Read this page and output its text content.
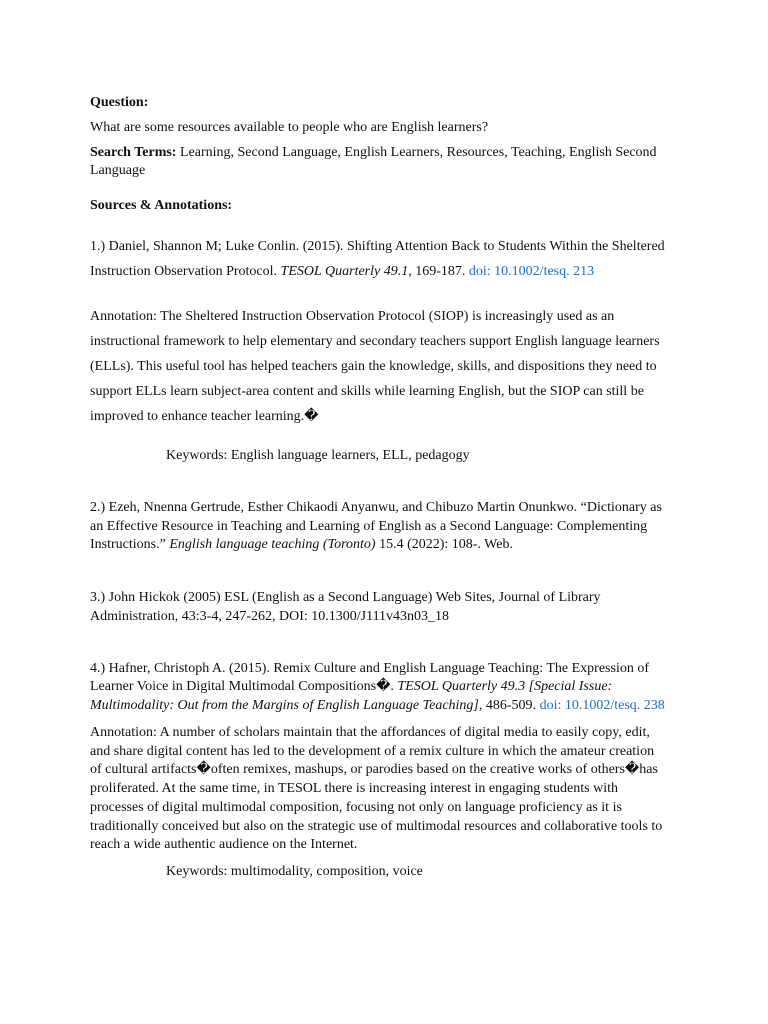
Question:

What are some resources available to people who are English learners?

Search Terms: Learning, Second Language, English Learners, Resources, Teaching, English Second Language

Sources & Annotations:

1.) Daniel, Shannon M; Luke Conlin. (2015). Shifting Attention Back to Students Within the Sheltered Instruction Observation Protocol. TESOL Quarterly 49.1, 169-187. doi: 10.1002/tesq. 213

Annotation: The Sheltered Instruction Observation Protocol (SIOP) is increasingly used as an instructional framework to help elementary and secondary teachers support English language learners (ELLs). This useful tool has helped teachers gain the knowledge, skills, and dispositions they need to support ELLs learn subject-area content and skills while learning English, but the SIOP can still be improved to enhance teacher learning.�

Keywords: English language learners, ELL, pedagogy

2.) Ezeh, Nnenna Gertrude, Esther Chikaodi Anyanwu, and Chibuzo Martin Onunkwo. “Dictionary as an Effective Resource in Teaching and Learning of English as a Second Language: Complementing Instructions.” English language teaching (Toronto) 15.4 (2022): 108-. Web.

3.) John Hickok (2005) ESL (English as a Second Language) Web Sites, Journal of Library Administration, 43:3-4, 247-262, DOI: 10.1300/J111v43n03_18

4.) Hafner, Christoph A. (2015). Remix Culture and English Language Teaching: The Expression of Learner Voice in Digital Multimodal Compositions�. TESOL Quarterly 49.3 [Special Issue: Multimodality: Out from the Margins of English Language Teaching], 486-509. doi: 10.1002/tesq. 238

Annotation: A number of scholars maintain that the affordances of digital media to easily copy, edit, and share digital content has led to the development of a remix culture in which the amateur creation of cultural artifacts�often remixes, mashups, or parodies based on the creative works of others�has proliferated. At the same time, in TESOL there is increasing interest in engaging students with processes of digital multimodal composition, focusing not only on language proficiency as it is traditionally conceived but also on the strategic use of multimodal resources and collaborative tools to reach a wide authentic audience on the Internet.

Keywords: multimodality, composition, voice
